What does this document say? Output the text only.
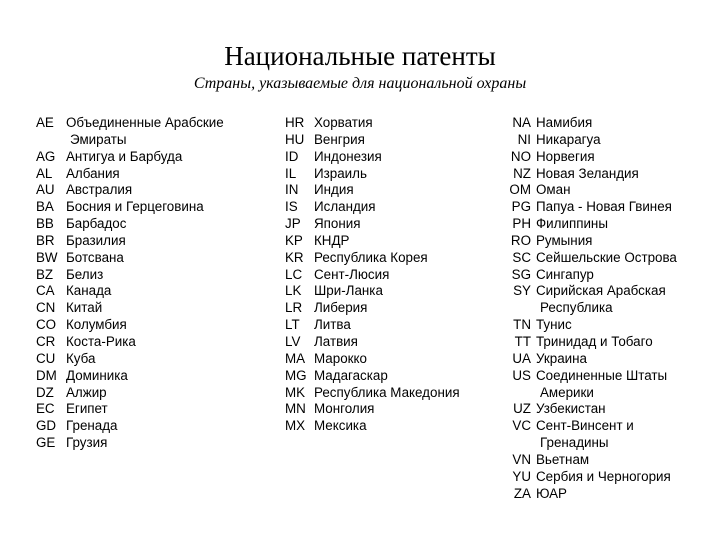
Национальные патенты
Страны, указываемые для национальной охраны
AE Объединенные Арабские
Эмираты
AG Антигуа и Барбуда
AL	Албания
AU Австралия
BA Босния и Герцеговина
BB Барбадос
BR Бразилия
BW Ботсвана
BZ Белиз
CA Канада
CN Китай
CO Колумбия
CR Коста-Рика
CU Куба
DM Доминика
DZ Алжир
EC Египет
GD Гренада
GE Грузия
HR Хорватия
HU Венгрия
ID	Индонезия
IL	Израиль
IN	Индия
IS	Исландия
JP Япония
KP КНДР
KR Республика Корея
LC Сент-Люсия
LK Шри-Ланка
LR Либерия
LT	Литва
LV	Латвия
MA Марокко
MG Мадагаскар
MK Республика Македония
MN Монголия
MX Мексика
NA Намибия
NI Никарагуа
NO Норвегия
NZ Новая Зеландия
OM Оман
PG Папуа - Новая Гвинея
PH Филиппины
RO Румыния
SC Сейшельские Острова
SG Сингапур
SY Сирийская Арабская
Республика
TN Тунис
TT Тринидад и Тобаго
UA Украина
US Соединенные Штаты
Америки
UZ Узбекистан
VC Сент-Винсент и
Гренадины
VN Вьетнам
YU Сербия и Черногория
ZA ЮАР
